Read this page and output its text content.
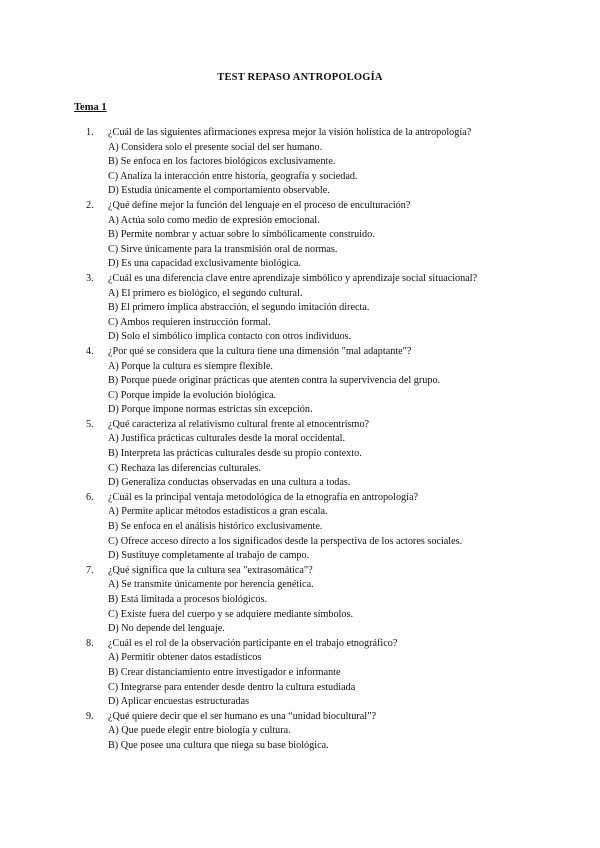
TEST REPASO ANTROPOLOGÍA
Tema 1
1.	¿Cuál de las siguientes afirmaciones expresa mejor la visión holística de la antropología?
A) Considera solo el presente social del ser humano.
B) Se enfoca en los factores biológicos exclusivamente.
C) Analiza la interacción entre historia, geografía y sociedad.
D) Estudia únicamente el comportamiento observable.
2.	¿Qué define mejor la función del lenguaje en el proceso de enculturación?
A) Actúa solo como medio de expresión emocional.
B) Permite nombrar y actuar sobre lo simbólicamente construido.
C) Sirve únicamente para la transmisión oral de normas.
D) Es una capacidad exclusivamente biológica.
3.	¿Cuál es una diferencia clave entre aprendizaje simbólico y aprendizaje social situacional?
A) El primero es biológico, el segundo cultural.
B) El primero implica abstracción, el segundo imitación directa.
C) Ambos requieren instrucción formal.
D) Solo el simbólico implica contacto con otros individuos.
4.	¿Por qué se considera que la cultura tiene una dimensión "mal adaptante"?
A) Porque la cultura es siempre flexible.
B) Porque puede originar prácticas que atenten contra la supervivencia del grupo.
C) Porque impide la evolución biológica.
D) Porque impone normas estrictas sin excepción.
5.	¿Qué caracteriza al relativismo cultural frente al etnocentrismo?
A) Justifica prácticas culturales desde la moral occidental.
B) Interpreta las prácticas culturales desde su propio contexto.
C) Rechaza las diferencias culturales.
D) Generaliza conductas observadas en una cultura a todas.
6.	¿Cuál es la principal ventaja metodológica de la etnografía en antropología?
A) Permite aplicar métodos estadísticos a gran escala.
B) Se enfoca en el análisis histórico exclusivamente.
C) Ofrece acceso directo a los significados desde la perspectiva de los actores sociales.
D) Sustituye completamente al trabajo de campo.
7.	¿Qué significa que la cultura sea "extrasomática"?
A) Se transmite únicamente por herencia genética.
B) Está limitada a procesos biológicos.
C) Existe fuera del cuerpo y se adquiere mediante símbolos.
D) No depende del lenguaje.
8.	¿Cuál es el rol de la observación participante en el trabajo etnográfico?
A) Permitir obtener datos estadísticos
B) Crear distanciamiento entre investigador e informante
C) Integrarse para entender desde dentro la cultura estudiada
D) Aplicar encuestas estructuradas
9.	¿Qué quiere decir que el ser humano es una “unidad biocultural”?
A) Que puede elegir entre biología y cultura.
B) Que posee una cultura que niega su base biológica.
